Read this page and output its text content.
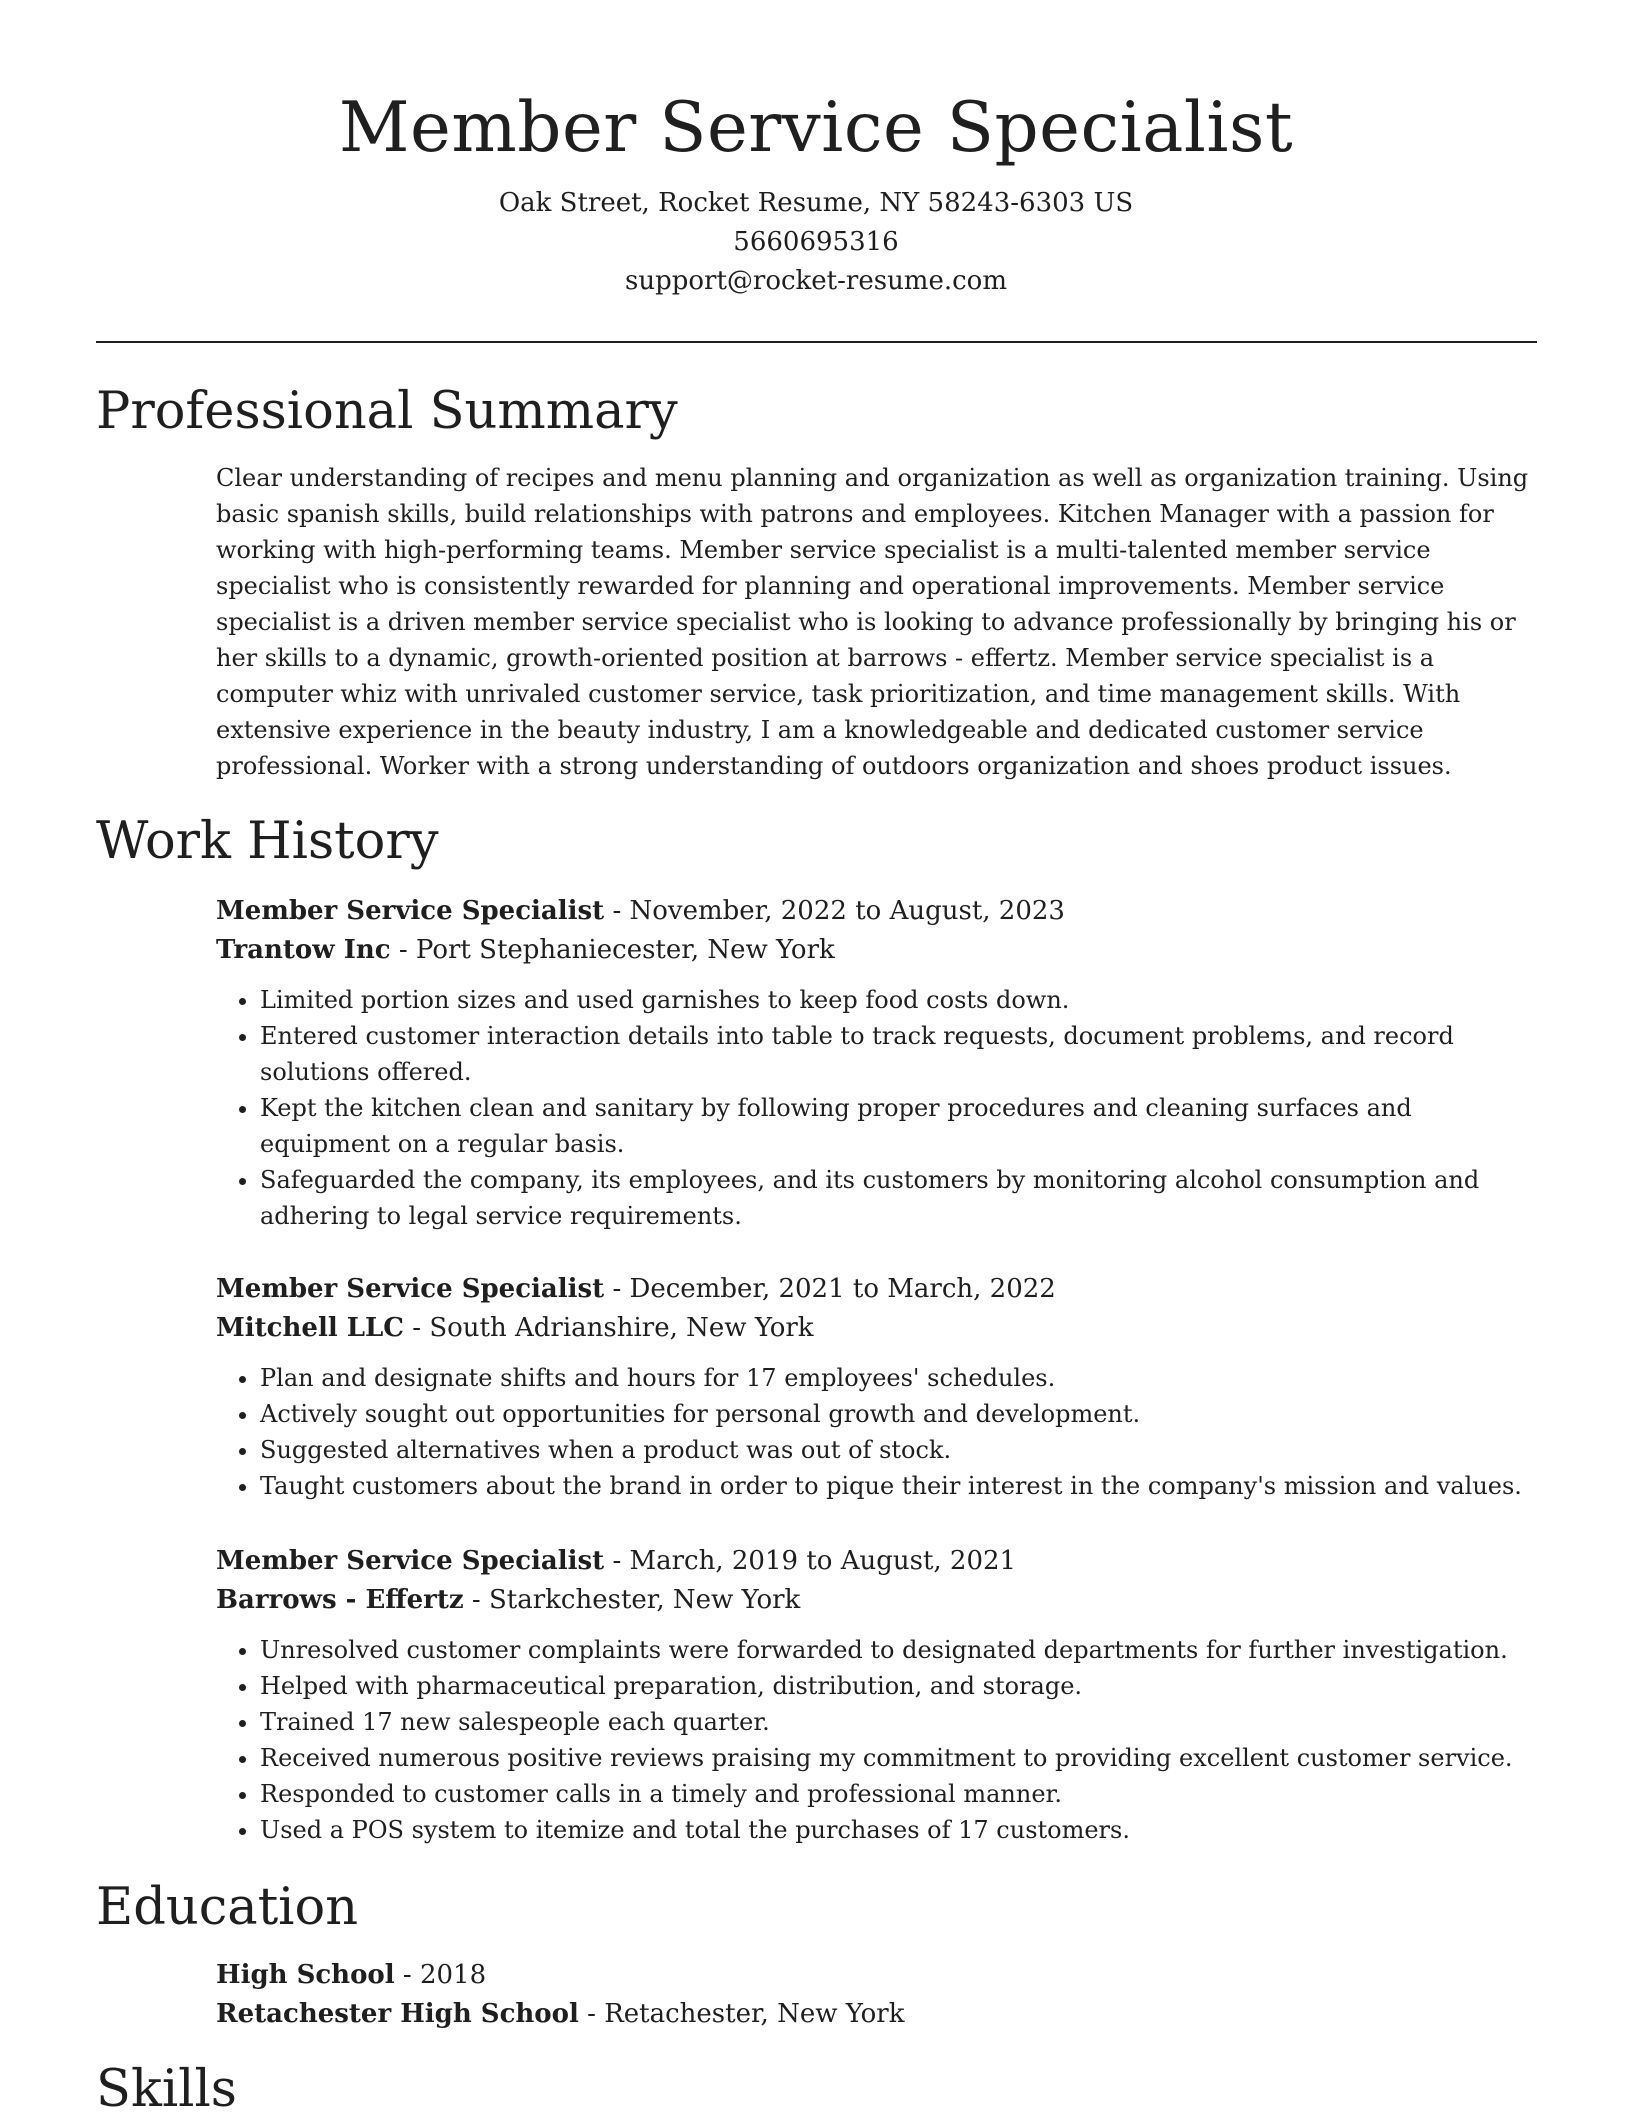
Member Service Specialist

Oak Street, Rocket Resume, NY 58243-6303 US

5660695316

support@rocket-resume.com

Professional Summary

Clear understanding of recipes and menu planning and organization as well as organization training. Using basic spanish skills, build relationships with patrons and employees. Kitchen Manager with a passion for working with high-performing teams. Member service specialist is a multi-talented member service specialist who is consistently rewarded for planning and operational improvements. Member service specialist is a driven member service specialist who is looking to advance professionally by bringing his or her skills to a dynamic, growth-oriented position at barrows - effertz. Member service specialist is a computer whiz with unrivaled customer service, task prioritization, and time management skills. With extensive experience in the beauty industry, I am a knowledgeable and dedicated customer service professional. Worker with a strong understanding of outdoors organization and shoes product issues.

Work History

Member Service Specialist - November, 2022 to August, 2023

Trantow Inc - Port Stephaniecester, New York

• Limited portion sizes and used garnishes to keep food costs down.
• Entered customer interaction details into table to track requests, document problems, and record solutions offered.
• Kept the kitchen clean and sanitary by following proper procedures and cleaning surfaces and equipment on a regular basis.
• Safeguarded the company, its employees, and its customers by monitoring alcohol consumption and adhering to legal service requirements.

Member Service Specialist - December, 2021 to March, 2022

Mitchell LLC - South Adrianshire, New York

• Plan and designate shifts and hours for 17 employees' schedules.
• Actively sought out opportunities for personal growth and development.
• Suggested alternatives when a product was out of stock.
• Taught customers about the brand in order to pique their interest in the company's mission and values.

Member Service Specialist - March, 2019 to August, 2021

Barrows - Effertz - Starkchester, New York

• Unresolved customer complaints were forwarded to designated departments for further investigation.
• Helped with pharmaceutical preparation, distribution, and storage.
• Trained 17 new salespeople each quarter.
• Received numerous positive reviews praising my commitment to providing excellent customer service.
• Responded to customer calls in a timely and professional manner.
• Used a POS system to itemize and total the purchases of 17 customers.
Education

High School - 2018

Retachester High School - Retachester, New York

Skills
